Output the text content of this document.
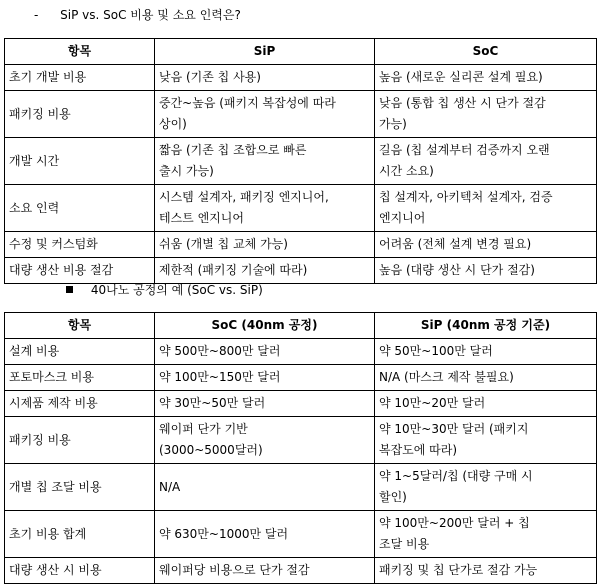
- SiP vs. SoC 비용 및 소요 인력은?
항목	SiP	SoC

초기 개발 비용	낮음 (기존 칩 사용)	높음 (새로운 실리콘 설계 필요)

패키징 비용	중간~높음 (패키지 복잡성에 따라
상이)	낮음 (통합 칩 생산 시 단가 절감
가능)

개발 시간	짧음 (기존 칩 조합으로 빠른
출시 가능)	길음 (칩 설계부터 검증까지 오랜
시간 소요)

소요 인력	시스템 설계자, 패키징 엔지니어,
테스트 엔지니어	칩 설계자, 아키텍처 설계자, 검증
엔지니어

수정 및 커스텀화	쉬움 (개별 칩 교체 가능)	어려움 (전체 설계 변경 필요)

대량 생산 비용 절감	제한적 (패키징 기술에 따라)	높음 (대량 생산 시 단가 절감)
40나노 공정의 예 (SoC vs. SiP)
항목	SoC (40nm 공정)	SiP (40nm 공정 기준)

설계 비용	약 500만~800만 달러	약 50만~100만 달러

포토마스크 비용	약 100만~150만 달러	N/A (마스크 제작 불필요)

시제품 제작 비용	약 30만~50만 달러	약 10만~20만 달러

패키징 비용	웨이퍼 단가 기반
(3000~5000달러)	약 10만~30만 달러 (패키지
복잡도에 따라)

개별 칩 조달 비용	N/A	약 1~5달러/칩 (대량 구매 시
할인)

초기 비용 합계	약 630만~1000만 달러	약 100만~200만 달러 + 칩
조달 비용

대량 생산 시 비용	웨이퍼당 비용으로 단가 절감	패키징 및 칩 단가로 절감 가능
